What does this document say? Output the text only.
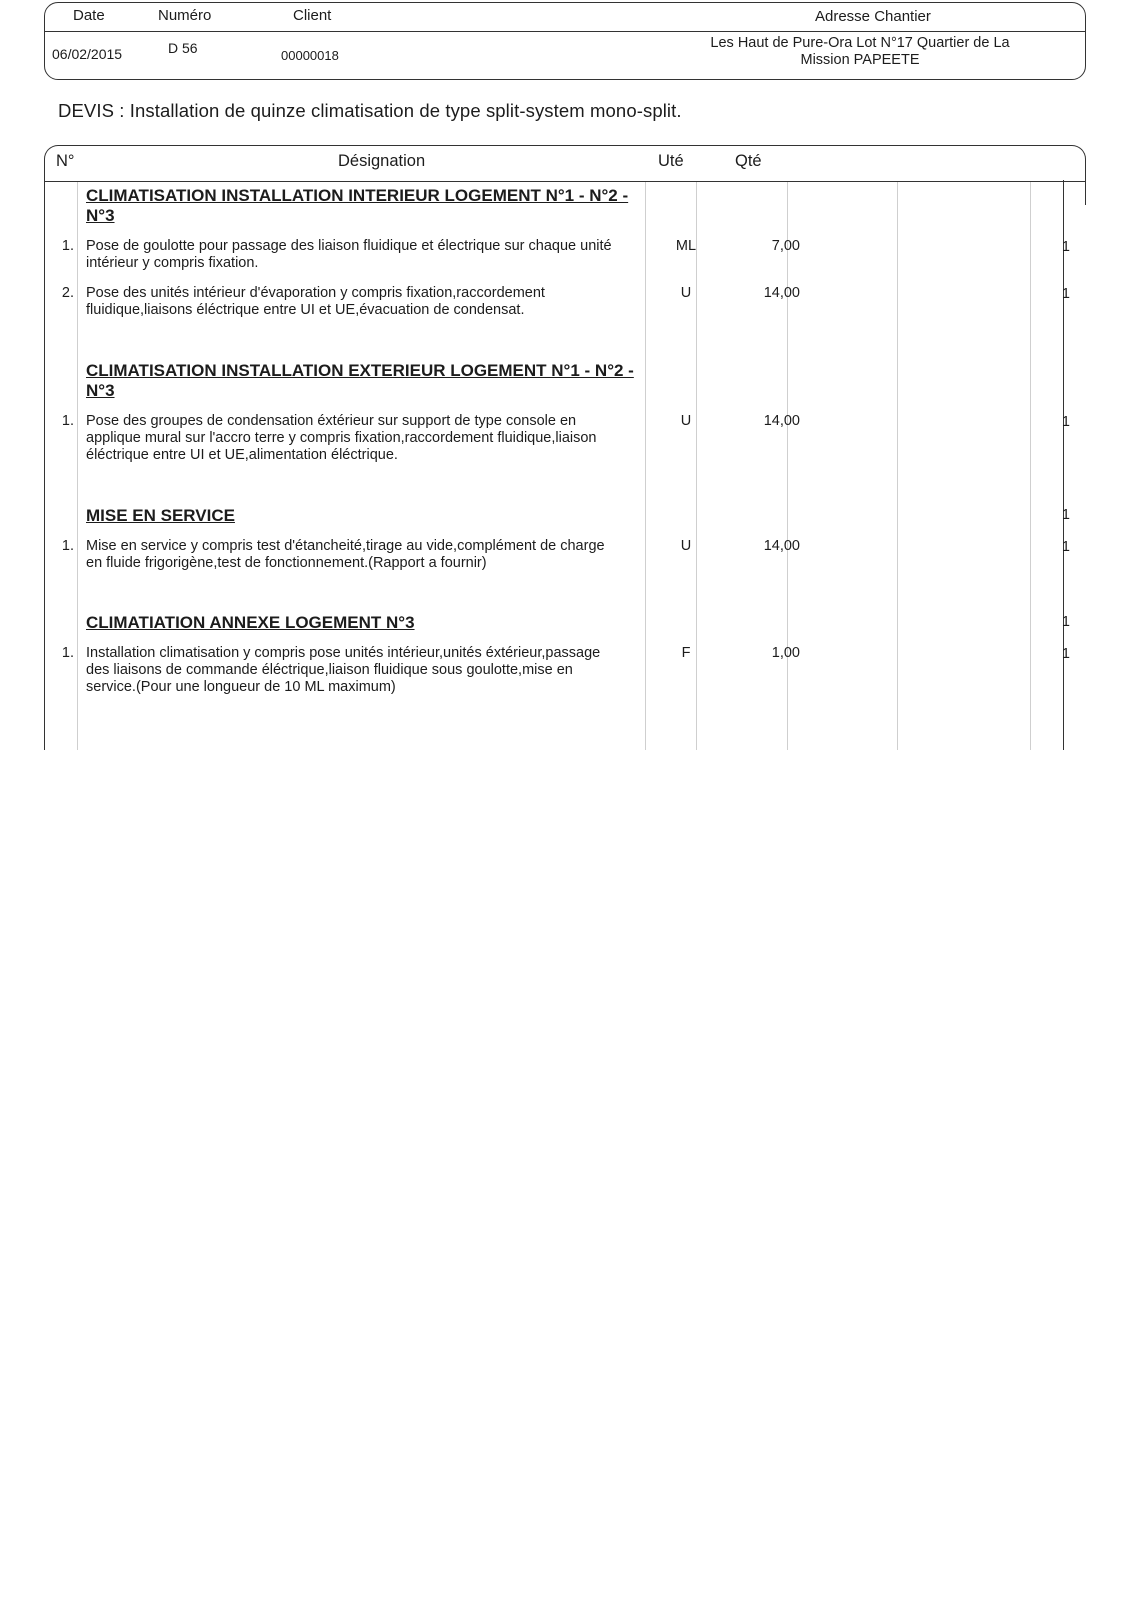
Date	Numéro	Client	Adresse Chantier
06/02/2015	D 56	00000018
Les Haut de Pure-Ora Lot N°17 Quartier de La
Mission PAPEETE
DEVIS : Installation de quinze climatisation de type split-system mono-split.
N°	Désignation	Uté	Qté
CLIMATISATION INSTALLATION INTERIEUR LOGEMENT N°1 - N°2 -
N°3
1. Pose de goulotte pour passage des liaison fluidique et électrique sur chaque unité
intérieur y compris fixation.
ML	7,00	1
2. Pose des unités intérieur d'évaporation y compris fixation,raccordement
fluidique,liaisons éléctrique entre UI et UE,évacuation de condensat.
U	14,00	1
CLIMATISATION INSTALLATION EXTERIEUR LOGEMENT N°1 - N°2 -
N°3
1. Pose des groupes de condensation éxtérieur sur support de type console en
applique mural sur l'accro terre y compris fixation,raccordement fluidique,liaison
éléctrique entre UI et UE,alimentation éléctrique.
U	14,00	1
MISE EN SERVICE	1
1. Mise en service y compris test d'étancheité,tirage au vide,complément de charge
en fluide frigorigène,test de fonctionnement.(Rapport a fournir)
U	14,00	1
CLIMATIATION ANNEXE LOGEMENT N°3	1
1. Installation climatisation y compris pose unités intérieur,unités éxtérieur,passage
des liaisons de commande éléctrique,liaison fluidique sous goulotte,mise en
service.(Pour une longueur de 10 ML maximum)
F	1,00	1
